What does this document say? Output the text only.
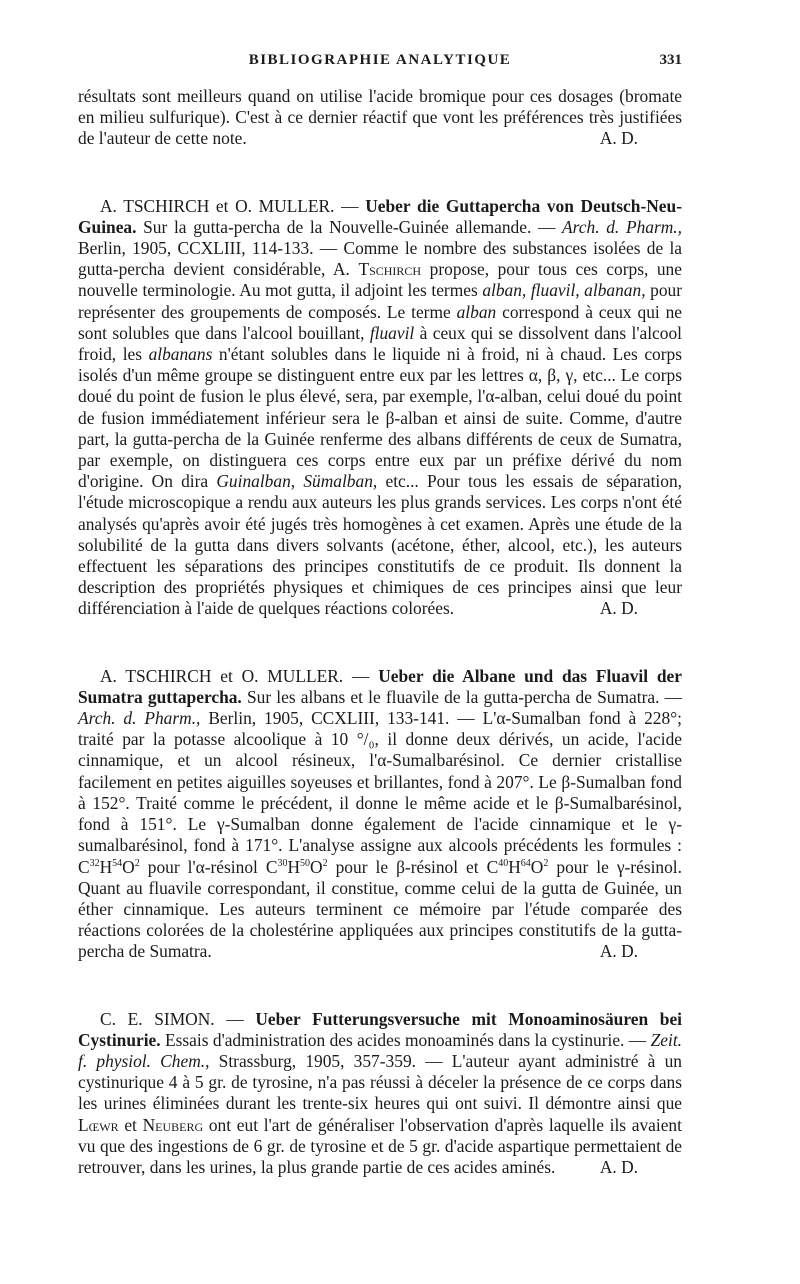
BIBLIOGRAPHIE ANALYTIQUE	331

résultats sont meilleurs quand on utilise l'acide bromique pour ces dosages (bromate en milieu sulfurique). C'est à ce dernier réactif que vont les préférences très justifiées de l'auteur de cette note.	A. D.

A. TSCHIRCH et O. MULLER. — Ueber die Guttapercha von Deutsch-Neu-Guinea. Sur la gutta-percha de la Nouvelle-Guinée allemande. — Arch. d. Pharm., Berlin, 1905, CCXLIII, 114-133. — Comme le nombre des substances isolées de la gutta-percha devient considérable, A. Tschirch propose, pour tous ces corps, une nouvelle terminologie. Au mot gutta, il adjoint les termes alban, fluavil, albanan, pour représenter des groupements de composés. Le terme alban correspond à ceux qui ne sont solubles que dans l'alcool bouillant, fluavil à ceux qui se dissolvent dans l'alcool froid, les albanans n'étant solubles dans le liquide ni à froid, ni à chaud. Les corps isolés d'un même groupe se distinguent entre eux par les lettres α, β, γ, etc... Le corps doué du point de fusion le plus élevé, sera, par exemple, l'α-alban, celui doué du point de fusion immédiatement inférieur sera le β-alban et ainsi de suite. Comme, d'autre part, la gutta-percha de la Guinée renferme des albans différents de ceux de Sumatra, par exemple, on distinguera ces corps entre eux par un préfixe dérivé du nom d'origine. On dira Guinalban, Sümalban, etc... Pour tous les essais de séparation, l'étude microscopique a rendu aux auteurs les plus grands services. Les corps n'ont été analysés qu'après avoir été jugés très homogènes à cet examen. Après une étude de la solubilité de la gutta dans divers solvants (acétone, éther, alcool, etc.), les auteurs effectuent les séparations des principes constitutifs de ce produit. Ils donnent la description des propriétés physiques et chimiques de ces principes ainsi que leur différenciation à l'aide de quelques réactions colorées.	A. D.

A. TSCHIRCH et O. MULLER. — Ueber die Albane und das Fluavil der Sumatra guttapercha. Sur les albans et le fluavile de la gutta-percha de Sumatra. — Arch. d. Pharm., Berlin, 1905, CCXLIII, 133-141. — L'α-Sumalban fond à 228°; traité par la potasse alcoolique à 10 °/₀, il donne deux dérivés, un acide, l'acide cinnamique, et un alcool résineux, l'α-Sumalbarésinol. Ce dernier cristallise facilement en petites aiguilles soyeuses et brillantes, fond à 207°. Le β-Sumalban fond à 152°. Traité comme le précédent, il donne le même acide et le β-Sumalbarésinol, fond à 151°. Le γ-Sumalban donne également de l'acide cinnamique et le γ-sumalbarésinol, fond à 171°. L'analyse assigne aux alcools précédents les formules : $C^{32}H^{54}O^2$ pour l'α-résinol $C^{30}H^{50}O^2$ pour le β-résinol et $C^{40}H^{64}O^2$ pour le γ-résinol. Quant au fluavile correspondant, il constitue, comme celui de la gutta de Guinée, un éther cinnamique. Les auteurs terminent ce mémoire par l'étude comparée des réactions colorées de la cholestérine appliquées aux principes constitutifs de la gutta-percha de Sumatra.	A. D.

C. E. SIMON. — Ueber Futterungsversuche mit Monoaminosäuren bei Cystinurie. Essais d'administration des acides monoaminés dans la cystinurie. — Zeit. f. physiol. Chem., Strassburg, 1905, 357-359. — L'auteur ayant administré à un cystinurique 4 à 5 gr. de tyrosine, n'a pas réussi à déceler la présence de ce corps dans les urines éliminées durant les trente-six heures qui ont suivi. Il démontre ainsi que Lœwr et Neuberg ont eut l'art de généraliser l'observation d'après laquelle ils avaient vu que des ingestions de 6 gr. de tyrosine et de 5 gr. d'acide aspartique permettaient de retrouver, dans les urines, la plus grande partie de ces acides aminés.	A. D.
